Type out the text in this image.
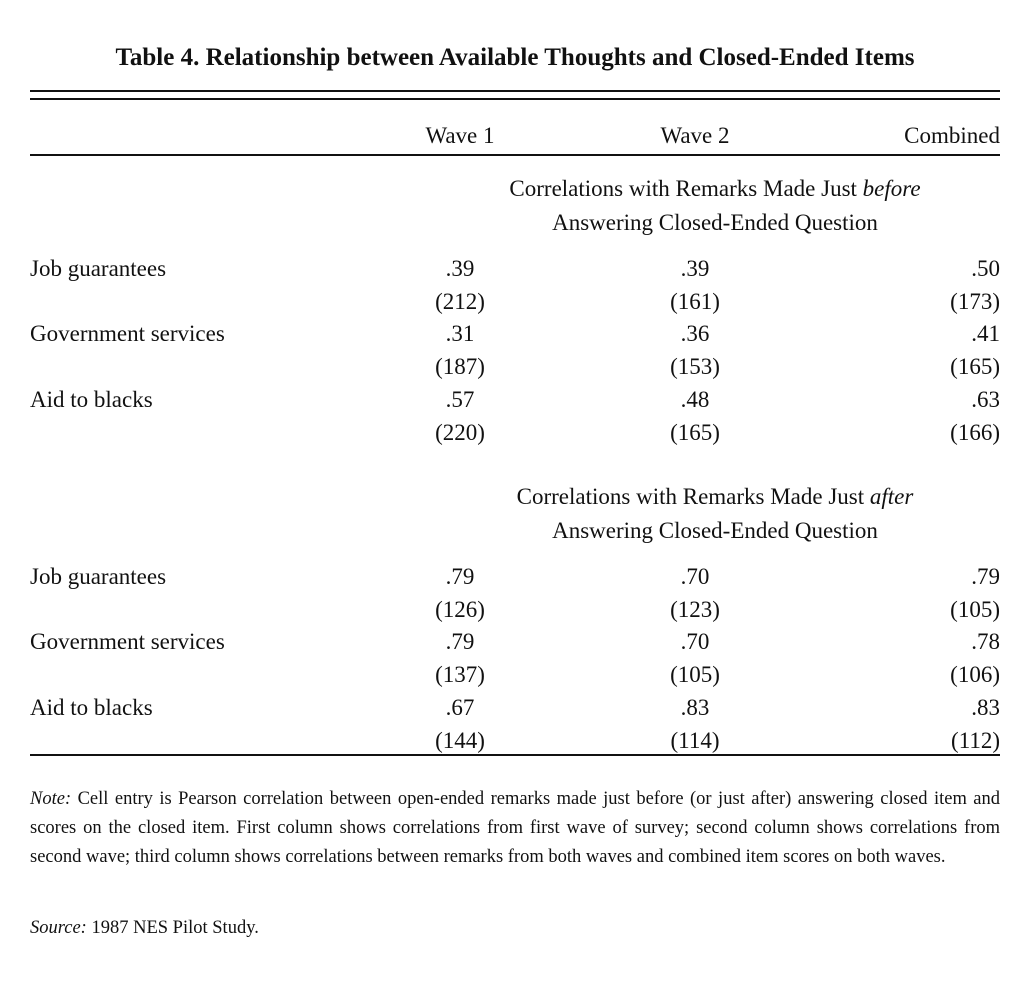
Table 4. Relationship between Available Thoughts and Closed-Ended Items
Wave 1	Wave 2	Combined
Correlations with Remarks Made Just before
Answering Closed-Ended Question
Job guarantees	.39	.39	.50
(212)	(161)	(173)
Government services	.31	.36	.41
(187)	(153)	(165)
Aid to blacks	.57	.48	.63
(220)	(165)	(166)
Correlations with Remarks Made Just after
Answering Closed-Ended Question
Job guarantees	.79	.70	.79
(126)	(123)	(105)
Government services	.79	.70	.78
(137)	(105)	(106)
Aid to blacks	.67	.83	.83
(144)	(114)	(112)
Note: Cell entry is Pearson correlation between open-ended remarks made just before (or just after) answering closed item and scores on the closed item. First column shows correlations from first wave of survey; second column shows correlations from second wave; third column shows correlations between remarks from both waves and combined item scores on both waves.
Source: 1987 NES Pilot Study.
